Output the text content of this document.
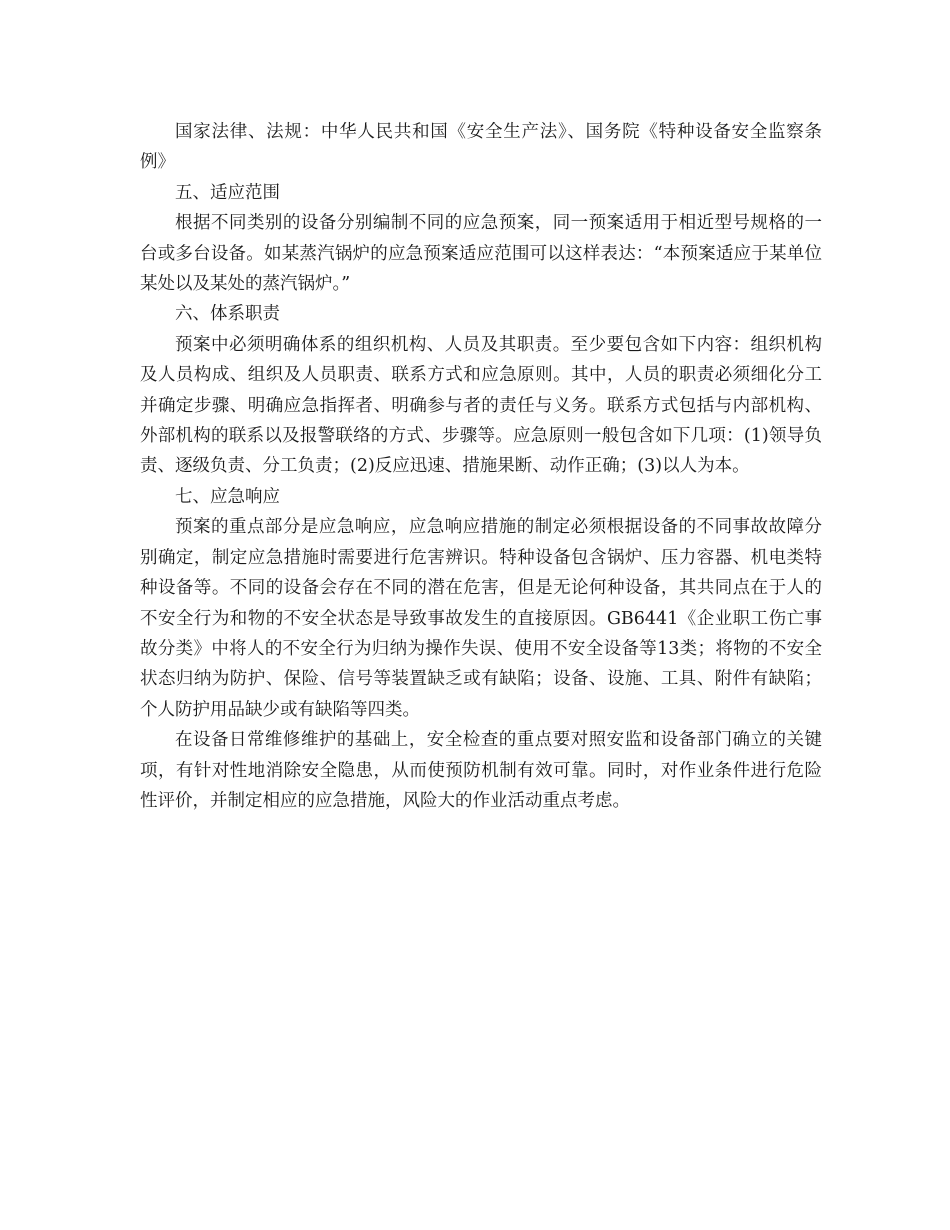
国家法律、法规：中华人民共和国《安全生产法》、国务院《特种设备安全监察条例》

五、适应范围

根据不同类别的设备分别编制不同的应急预案，同一预案适用于相近型号规格的一台或多台设备。如某蒸汽锅炉的应急预案适应范围可以这样表达：“本预案适应于某单位某处以及某处的蒸汽锅炉。”

六、体系职责

预案中必须明确体系的组织机构、人员及其职责。至少要包含如下内容：组织机构及人员构成、组织及人员职责、联系方式和应急原则。其中，人员的职责必须细化分工并确定步骤、明确应急指挥者、明确参与者的责任与义务。联系方式包括与内部机构、外部机构的联系以及报警联络的方式、步骤等。应急原则一般包含如下几项：(1)领导负责、逐级负责、分工负责；(2)反应迅速、措施果断、动作正确；(3)以人为本。

七、应急响应

预案的重点部分是应急响应，应急响应措施的制定必须根据设备的不同事故故障分别确定，制定应急措施时需要进行危害辨识。特种设备包含锅炉、压力容器、机电类特种设备等。不同的设备会存在不同的潜在危害，但是无论何种设备，其共同点在于人的不安全行为和物的不安全状态是导致事故发生的直接原因。GB6441《企业职工伤亡事故分类》中将人的不安全行为归纳为操作失误、使用不安全设备等13类；将物的不安全状态归纳为防护、保险、信号等装置缺乏或有缺陷；设备、设施、工具、附件有缺陷；个人防护用品缺少或有缺陷等四类。

在设备日常维修维护的基础上，安全检查的重点要对照安监和设备部门确立的关键项，有针对性地消除安全隐患，从而使预防机制有效可靠。同时，对作业条件进行危险性评价，并制定相应的应急措施，风险大的作业活动重点考虑。
